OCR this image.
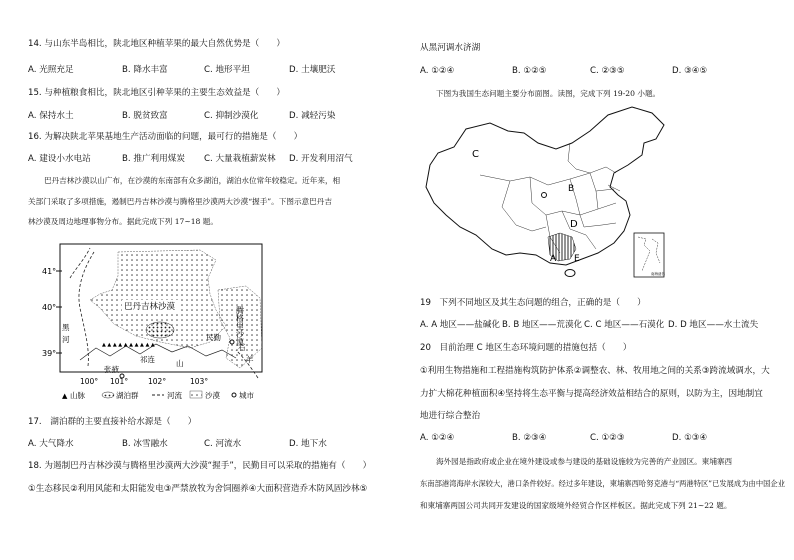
14. 与山东半岛相比，陕北地区种植苹果的最大自然优势是（　　）
A. 光照充足	B. 降水丰富	C. 地形平坦	D. 土壤肥沃
15. 与种植粮食相比，陕北地区引种苹果的主要生态效益是（　　）
A. 保持水土	B. 脱贫致富	C. 抑制沙漠化	D. 减轻污染
16. 为解决陕北苹果基地生产活动面临的问题，最可行的措施是（　　）
A. 建设小水电站	B. 推广利用煤炭 C. 大量栽植薪炭林 D. 开发利用沼气
巴丹吉林沙漠以山广布，在沙漠的东南部有众多湖泊，湖泊水位常年较稳定。近年来，相
关部门采取了多项措施，遏制巴丹吉林沙漠与腾格里沙漠两大沙漠“握手”。下图示意巴丹吉
林沙漠及周边地理事物分布。据此完成下列 17~18 题。
▲ ▲ ▲ ▲ ▲ ▲ ▲ ▲ ▲ ▲
41°
40°
39°
100° 101°	102°	103°
巴丹吉林沙漠	腾格里沙漠
黑
河
祁连	山
张掖
民勤
石
羊
▲ 山脉	湖泊群	河流	沙漠	城市
17.　湖泊群的主要直接补给水源是（　　）
A. 大气降水	B. 冰雪融水	C. 河流水	D. 地下水
18. 为遏制巴丹吉林沙漠与腾格里沙漠两大沙漠“握手”，民勤目可以采取的措施有（　　）
①生态移民②利用风能和太阳能发电③严禁放牧为舍饲圈养④大面积营造乔木防风固沙林⑤
从黑河调水济湖
A. ①②④	B. ①②⑤	C. ②③⑤	D. ③④⑤
下图为我国生态问题主要分布面图。读图，完成下列 19-20 小题。
C
D
A E
B
南海诸岛
19　下列不同地区及其生态问题的组合，正确的是（　　）
A. A 地区——盐碱化 B. B 地区——荒漠化 C. C 地区——石漠化 D. D 地区——水土流失
20　目前治理 C 地区生态环境问题的措施包括（　　）
①利用生物措施和工程措施构筑防护体系②调整农、林、牧用地之间的关系③跨流域调水，大
力扩大棉花种植面积④坚持将生态平衡与提高经济效益相结合的原则，以防为主，因地制宜
地进行综合整治
A. ①②④	B. ②③④	C. ①②③	D. ①③④
海外园是指政府或企业在境外建设或参与建设的基础设施较为完善的产业园区。柬埔寨西
东南部港湾海岸水深较大，港口条件较好。经过多年建设，柬埔寨西哈努克港与“两港特区”已发展成为由中国企业
和柬埔寨两国公司共同开发建设的国家级境外经贸合作区样板区。据此完成下列 21~22 题。
